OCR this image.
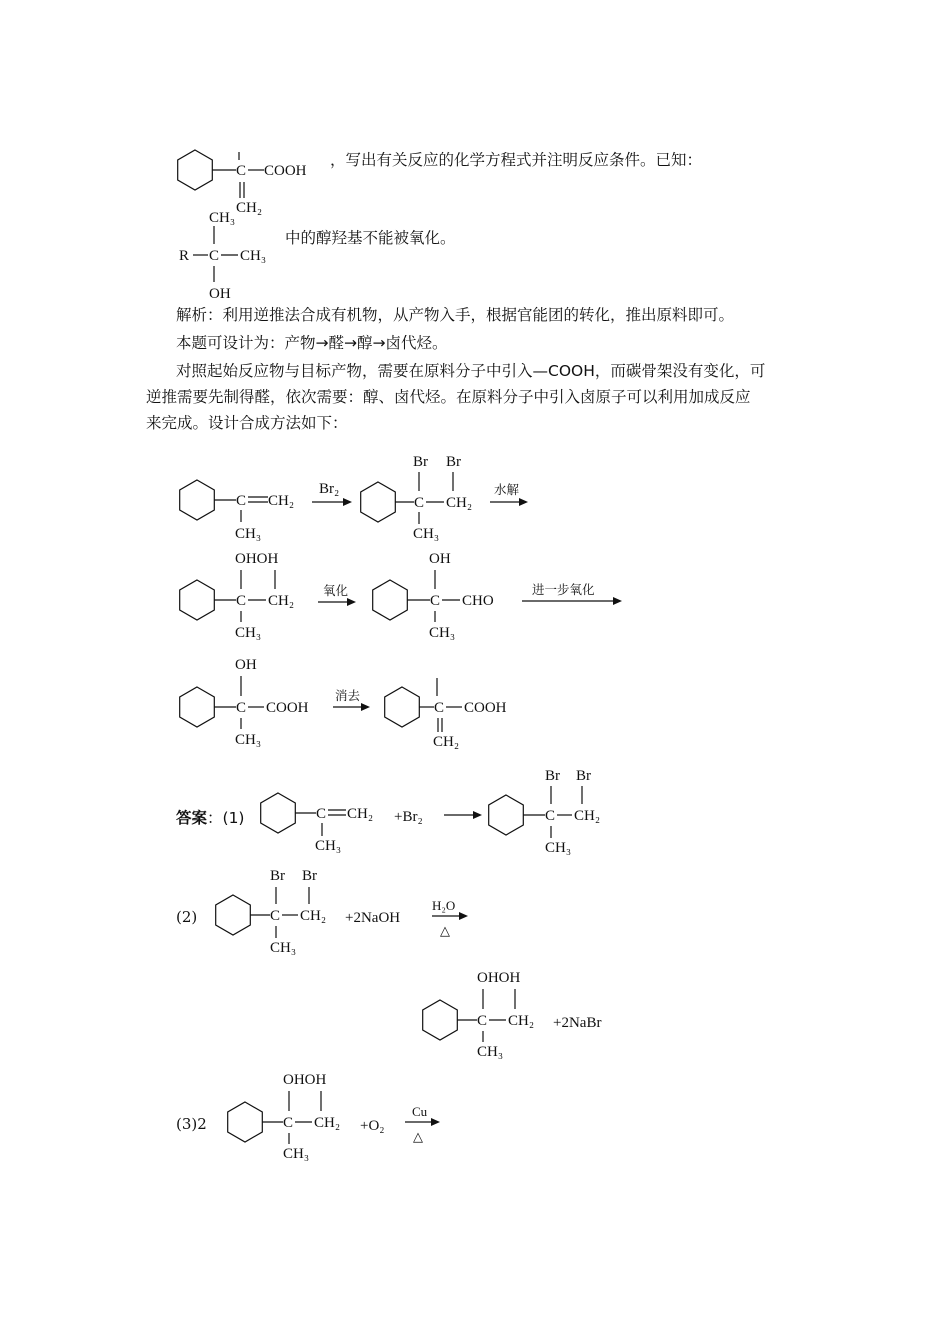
，写出有关反应的化学方程式并注明反应条件。已知：
中的醇羟基不能被氧化。
解析：利用逆推法合成有机物，从产物入手，根据官能团的转化，推出原料即可。
本题可设计为：产物→醛→醇→卤代烃。
对照起始反应物与目标产物，需要在原料分子中引入—COOH，而碳骨架没有变化，可
逆推需要先制得醛，依次需要：醇、卤代烃。在原料分子中引入卤原子可以利用加成反应
来完成。设计合成方法如下：
答案：(1)
(2)
(3)2
C COOH
CH₂
R C CH₃
CH₃
OH
C CH₂
CH₃
Br₂
C CH₂
Br Br
CH₃
水解
C CH₂
OHOH
CH₃
氧化
C CHO
OH
CH₃
进一步氧化
C COOH
OH
CH₃
消去
C COOH
CH₂
C CH₂
CH₃
+Br₂	C CH₂
Br Br
CH₃
C CH₂
Br Br
CH₃
+2NaOH
H₂O
△
C CH₂
OHOH
CH₃
+2NaBr
C CH₂
OHOH
CH₃
+O₂
Cu
△
